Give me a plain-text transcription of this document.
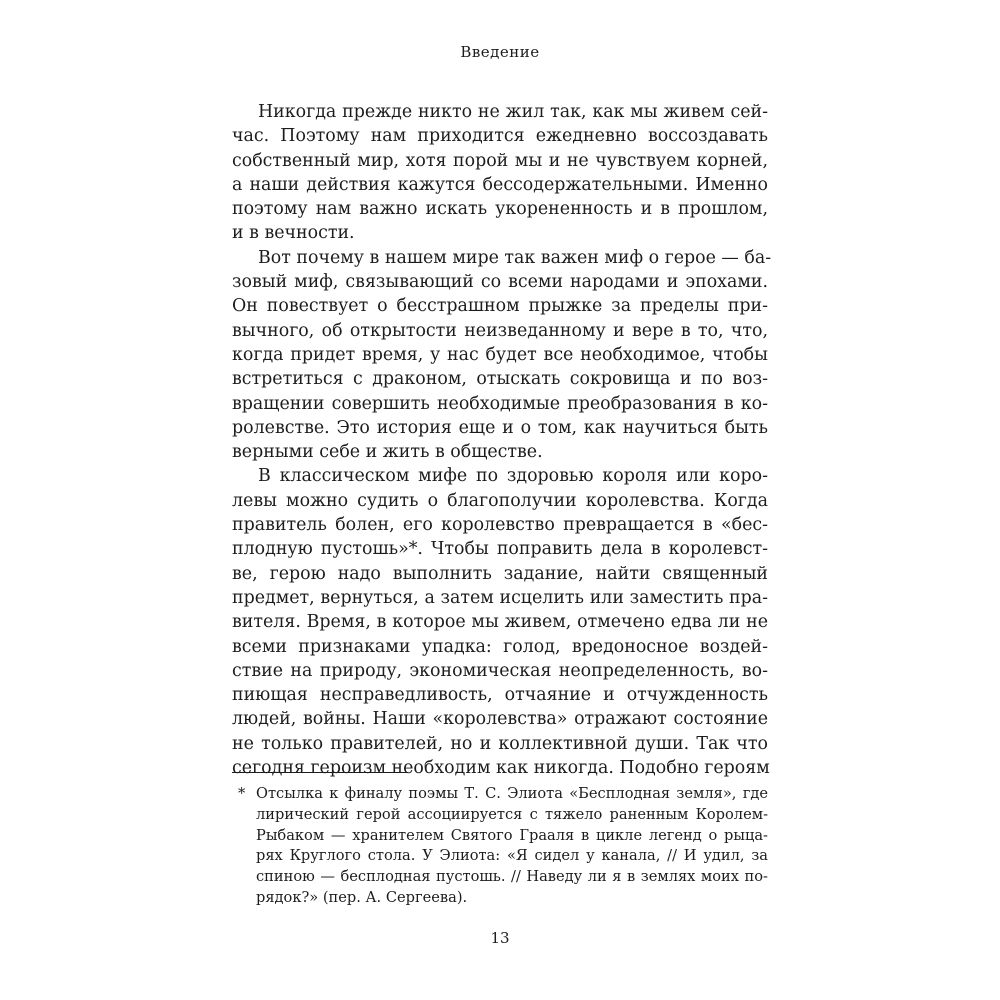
Введение
Никогда прежде никто не жил так, как мы живем сей-
час. Поэтому нам приходится ежедневно воссоздавать
собственный мир, хотя порой мы и не чувствуем корней,
а наши действия кажутся бессодержательными. Именно
поэтому нам важно искать укорененность и в прошлом,
и в вечности.
Вот почему в нашем мире так важен миф о герое — ба-
зовый миф, связывающий со всеми народами и эпохами.
Он повествует о бесстрашном прыжке за пределы при-
вычного, об открытости неизведанному и вере в то, что,
когда придет время, у нас будет все необходимое, чтобы
встретиться с драконом, отыскать сокровища и по воз-
вращении совершить необходимые преобразования в ко-
ролевстве. Это история еще и о том, как научиться быть
верными себе и жить в обществе.
В классическом мифе по здоровью короля или коро-
левы можно судить о благополучии королевства. Когда
правитель болен, его королевство превращается в «бес-
плодную пустошь»*. Чтобы поправить дела в королевст-
ве, герою надо выполнить задание, найти священный
предмет, вернуться, а затем исцелить или заместить пра-
вителя. Время, в которое мы живем, отмечено едва ли не
всеми признаками упадка: голод, вредоносное воздей-
ствие на природу, экономическая неопределенность, во-
пиющая несправедливость, отчаяние и отчужденность
людей, войны. Наши «королевства» отражают состояние
не только правителей, но и коллективной души. Так что
сегодня героизм необходим как никогда. Подобно героям
* Отсылка к финалу поэмы Т. С. Элиота «Бесплодная земля», где
лирический герой ассоциируется с тяжело раненным Королем-
Рыбаком — хранителем Святого Грааля в цикле легенд о рыца-
рях Круглого стола. У Элиота: «Я сидел у канала, // И удил, за
спиною — бесплодная пустошь. // Наведу ли я в землях моих по-
рядок?» (пер. А. Сергеева).
13
